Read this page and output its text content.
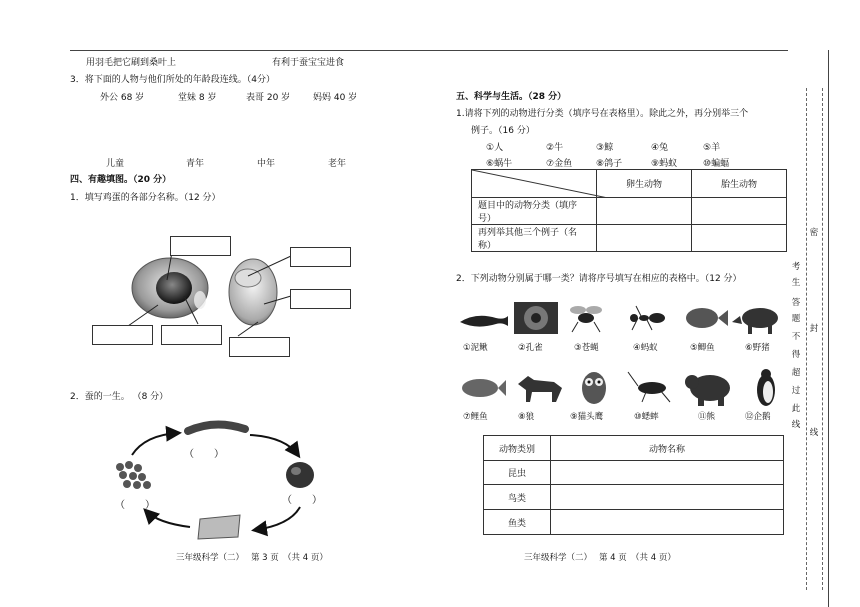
用羽毛把它刷到桑叶上	有利于蚕宝宝进食
3．将下面的人物与他们所处的年龄段连线。（4分）
外公 68 岁	堂妹 8 岁	表哥 20 岁	妈妈 40 岁
儿童	青年	中年	老年
四、有趣填图。（20 分）
1．填写鸡蛋的各部分名称。（12 分）
2．蚕的一生。 （8 分）
（　　）
（　　）
（　　）
三年级科学（二）　 第 3 页　（共 4 页）
五、科学与生活。（28 分）
1.请将下列的动物进行分类（填序号在表格里）。除此之外，再分别举三个
例子。（16 分）
①人	②牛	③鲸	④兔	⑤羊
⑥蜗牛	⑦金鱼	⑧鸽子	⑨蚂蚁	⑩蝙蝠
	卵生动物	胎生动物
题目中的动物分类（填序号）		
再列举其他三个例子（名称）		
2．下列动物分别属于哪一类？请将序号填写在相应的表格中。（12 分）
①泥鳅	②孔雀	③苍蝇	④蚂蚁	⑤鲫鱼	⑥野猪
⑦鲤鱼	⑧狼	⑨猫头鹰	⑩蟋蟀	⑪熊	⑫企鹅
动物类别	动物名称
昆虫	
鸟类	
鱼类	
三年级科学（二）　 第 4 页　（共 4 页）
密
封
线
考
生
答
题
不
得
超
过
此
线
